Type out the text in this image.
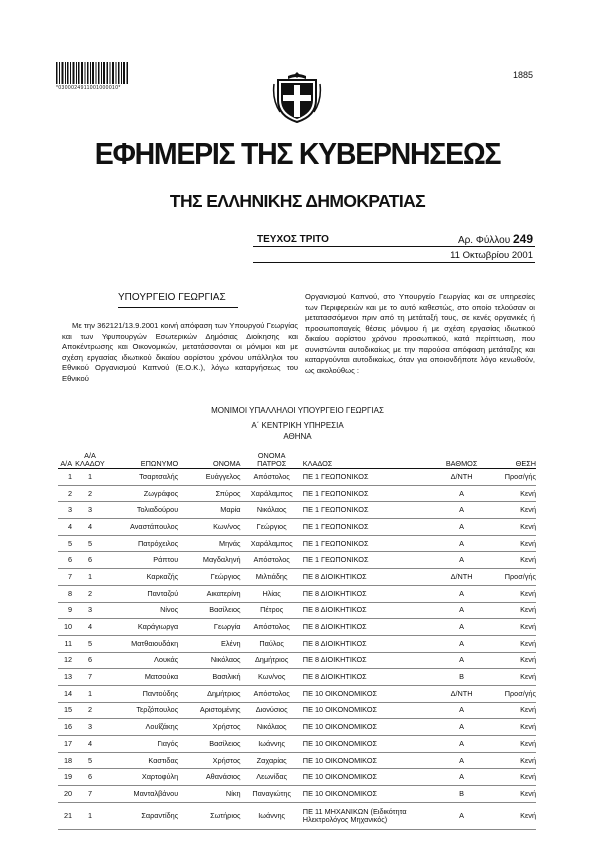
*0300024911001000010*
1885
ΕΦΗΜΕΡΙΣ ΤΗΣ ΚΥΒΕΡΝΗΣΕΩΣ
ΤΗΣ ΕΛΛΗΝΙΚΗΣ ΔΗΜΟΚΡΑΤΙΑΣ
ΤΕΥΧΟΣ ΤΡΙΤΟ	Αρ. Φύλλου 249
11 Οκτωβρίου 2001
ΥΠΟΥΡΓΕΙΟ ΓΕΩΡΓΙΑΣ
Με την 362121/13.9.2001 κοινή απόφαση των Υπουργού Γεωργίας και των Υφυπουργών Εσωτερικών Δημόσιας Διοίκησης και Αποκέντρωσης και Οικονομικών, μετατάσσονται οι μόνιμοι και με σχέση εργασίας ιδιωτικού δικαίου αορίστου χρόνου υπάλληλοι του Εθνικού Οργανισμού Καπνού (Ε.Ο.Κ.), λόγω καταργήσεως του Εθνικού
Οργανισμού Καπνού, στο Υπουργείο Γεωργίας και σε υπηρεσίες των Περιφερειών και με το αυτό καθεστώς, στο οποίο τελούσαν οι μετατασσόμενοι πριν από τη μετάταξή τους, σε κενές οργανικές ή προσωποπαγείς θέσεις μόνιμου ή με σχέση εργασίας ιδιωτικού δικαίου αορίστου χρόνου προσωπικού, κατά περίπτωση, που συνιστώνται αυτοδικαίως με την παρούσα απόφαση μετάταξης και καταργούνται αυτοδικαίως, όταν για οποιονδήποτε λόγο κενωθούν, ως ακολούθως :
ΜΟΝΙΜΟΙ ΥΠΑΛΛΗΛΟΙ ΥΠΟΥΡΓΕΙΟ ΓΕΩΡΓΙΑΣ
Α΄ ΚΕΝΤΡΙΚΗ ΥΠΗΡΕΣΙΑ
ΑΘΗΝΑ
Α/Α	Α/Α
ΚΛΑΔΟΥ	ΕΠΩΝΥΜΟ	ΟΝΟΜΑ	ΟΝΟΜΑ
ΠΑΤΡΟΣ	ΚΛΑΔΟΣ	ΒΑΘΜΟΣ	ΘΕΣΗ
1	1	Τσαρτσαλής	Ευάγγελος	Απόστολος	ΠΕ 1 ΓΕΩΠΟΝΙΚΟΣ	Δ/ΝΤΗ	Προσ/γής
2	2	Ζωγράφος	Σπύρος	Χαράλαμπος	ΠΕ 1 ΓΕΩΠΟΝΙΚΟΣ	Α	Κενή
3	3	Τολιαδούρου	Μαρία	Νικόλαος	ΠΕ 1 ΓΕΩΠΟΝΙΚΟΣ	Α	Κενή
4	4	Αναστάπουλος	Κων/νος	Γεώργιος	ΠΕ 1 ΓΕΩΠΟΝΙΚΟΣ	Α	Κενή
5	5	Πατρόχειλος	Μηνάς	Χαράλαμπος	ΠΕ 1 ΓΕΩΠΟΝΙΚΟΣ	Α	Κενή
6	6	Ράπτου	Μαγδαληνή	Απόστολος	ΠΕ 1 ΓΕΩΠΟΝΙΚΟΣ	Α	Κενή
7	1	Καρκαζής	Γεώργιος	Μιλτιάδης	ΠΕ 8 ΔΙΟΙΚΗΤΙΚΟΣ	Δ/ΝΤΗ	Προσ/γής
8	2	Πανταζού	Αικατερίνη	Ηλίας	ΠΕ 8 ΔΙΟΙΚΗΤΙΚΟΣ	Α	Κενή
9	3	Νίνος	Βασίλειος	Πέτρος	ΠΕ 8 ΔΙΟΙΚΗΤΙΚΟΣ	Α	Κενή
10	4	Καράγιωργα	Γεωργία	Απόστολος	ΠΕ 8 ΔΙΟΙΚΗΤΙΚΟΣ	Α	Κενή
11	5	Ματθαιουδάκη	Ελένη	Παύλος	ΠΕ 8 ΔΙΟΙΚΗΤΙΚΟΣ	Α	Κενή
12	6	Λουκάς	Νικόλαος	Δημήτριος	ΠΕ 8 ΔΙΟΙΚΗΤΙΚΟΣ	Α	Κενή
13	7	Ματσούκα	Βασιλική	Κων/νος	ΠΕ 8 ΔΙΟΙΚΗΤΙΚΟΣ	Β	Κενή
14	1	Παντούδης	Δημήτριος	Απόστολος	ΠΕ 10 ΟΙΚΟΝΟΜΙΚΟΣ	Δ/ΝΤΗ	Προσ/γής
15	2	Τερζόπουλος	Αριστομένης	Διονύσιος	ΠΕ 10 ΟΙΚΟΝΟΜΙΚΟΣ	Α	Κενή
16	3	Λουΐζάκης	Χρήστος	Νικόλαος	ΠΕ 10 ΟΙΚΟΝΟΜΙΚΟΣ	Α	Κενή
17	4	Γιαγός	Βασίλειος	Ιωάννης	ΠΕ 10 ΟΙΚΟΝΟΜΙΚΟΣ	Α	Κενή
18	5	Καστιδας	Χρήστος	Ζαχαρίας	ΠΕ 10 ΟΙΚΟΝΟΜΙΚΟΣ	Α	Κενή
19	6	Χαρτοφύλη	Αθανάσιος	Λεωνίδας	ΠΕ 10 ΟΙΚΟΝΟΜΙΚΟΣ	Α	Κενή
20	7	Μανταλβάνου	Νίκη	Παναγιώτης	ΠΕ 10 ΟΙΚΟΝΟΜΙΚΟΣ	Β	Κενή
21	1	Σαραντίδης	Σωτήριος	Ιωάννης	ΠΕ 11 ΜΗΧΑΝΙΚΩΝ (Ειδικότητα Ηλεκτρολόγος Μηχανικός)	Α	Κενή
